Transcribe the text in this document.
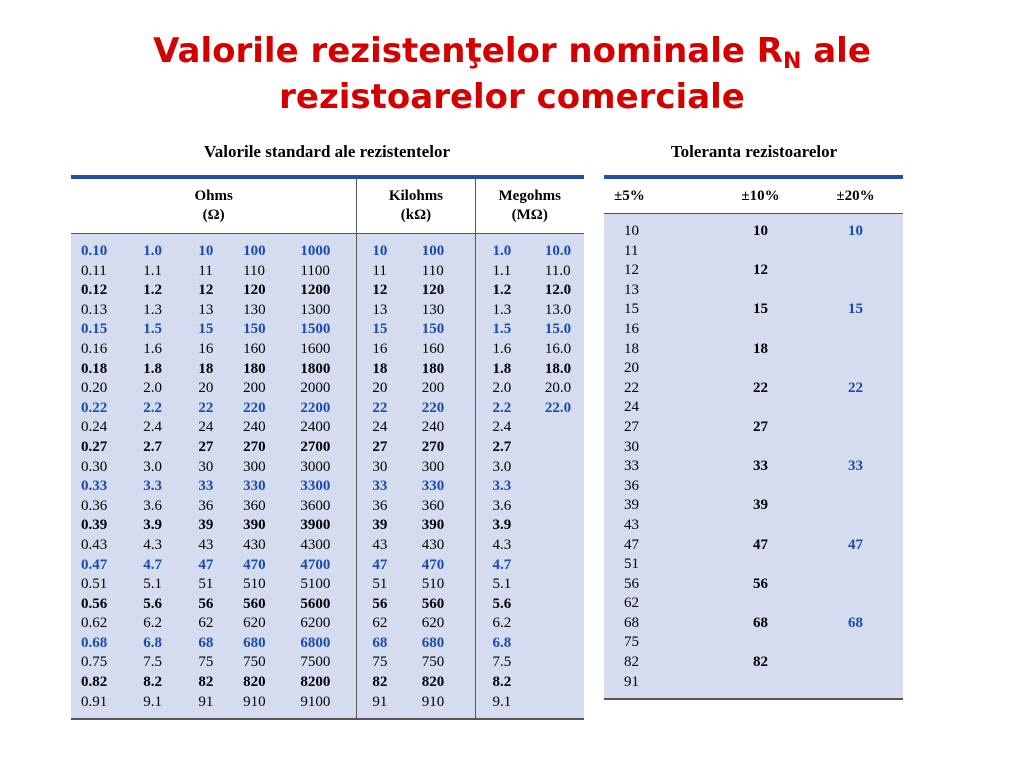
Valorile rezistenţelor nominale $R_N$ ale
rezistoarelor comerciale
Valorile standard ale rezistentelor	Toleranta rezistoarelor
Ohms
(Ω)					Kilohms
(kΩ)		Megohms
(MΩ)	

0.10	1.0	10	100	1000	10	100	1.0	10.0
0.11	1.1	11	110	1100	11	110	1.1	11.0
0.12	1.2	12	120	1200	12	120	1.2	12.0
0.13	1.3	13	130	1300	13	130	1.3	13.0
0.15	1.5	15	150	1500	15	150	1.5	15.0
0.16	1.6	16	160	1600	16	160	1.6	16.0
0.18	1.8	18	180	1800	18	180	1.8	18.0
0.20	2.0	20	200	2000	20	200	2.0	20.0
0.22	2.2	22	220	2200	22	220	2.2	22.0
0.24	2.4	24	240	2400	24	240	2.4	
0.27	2.7	27	270	2700	27	270	2.7	
0.30	3.0	30	300	3000	30	300	3.0	
0.33	3.3	33	330	3300	33	330	3.3	
0.36	3.6	36	360	3600	36	360	3.6	
0.39	3.9	39	390	3900	39	390	3.9	
0.43	4.3	43	430	4300	43	430	4.3	
0.47	4.7	47	470	4700	47	470	4.7	
0.51	5.1	51	510	5100	51	510	5.1	
0.56	5.6	56	560	5600	56	560	5.6	
0.62	6.2	62	620	6200	62	620	6.2	
0.68	6.8	68	680	6800	68	680	6.8	
0.75	7.5	75	750	7500	75	750	7.5	
0.82	8.2	82	820	8200	82	820	8.2	
0.91	9.1	91	910	9100	91	910	9.1	

±5%	±10%	±20%

10	10	10
11		
12	12	
13		
15	15	15
16		
18	18	
20		
22	22	22
24		
27	27	
30		
33	33	33
36		
39	39	
43		
47	47	47
51		
56	56	
62		
68	68	68
75		
82	82	
91		
